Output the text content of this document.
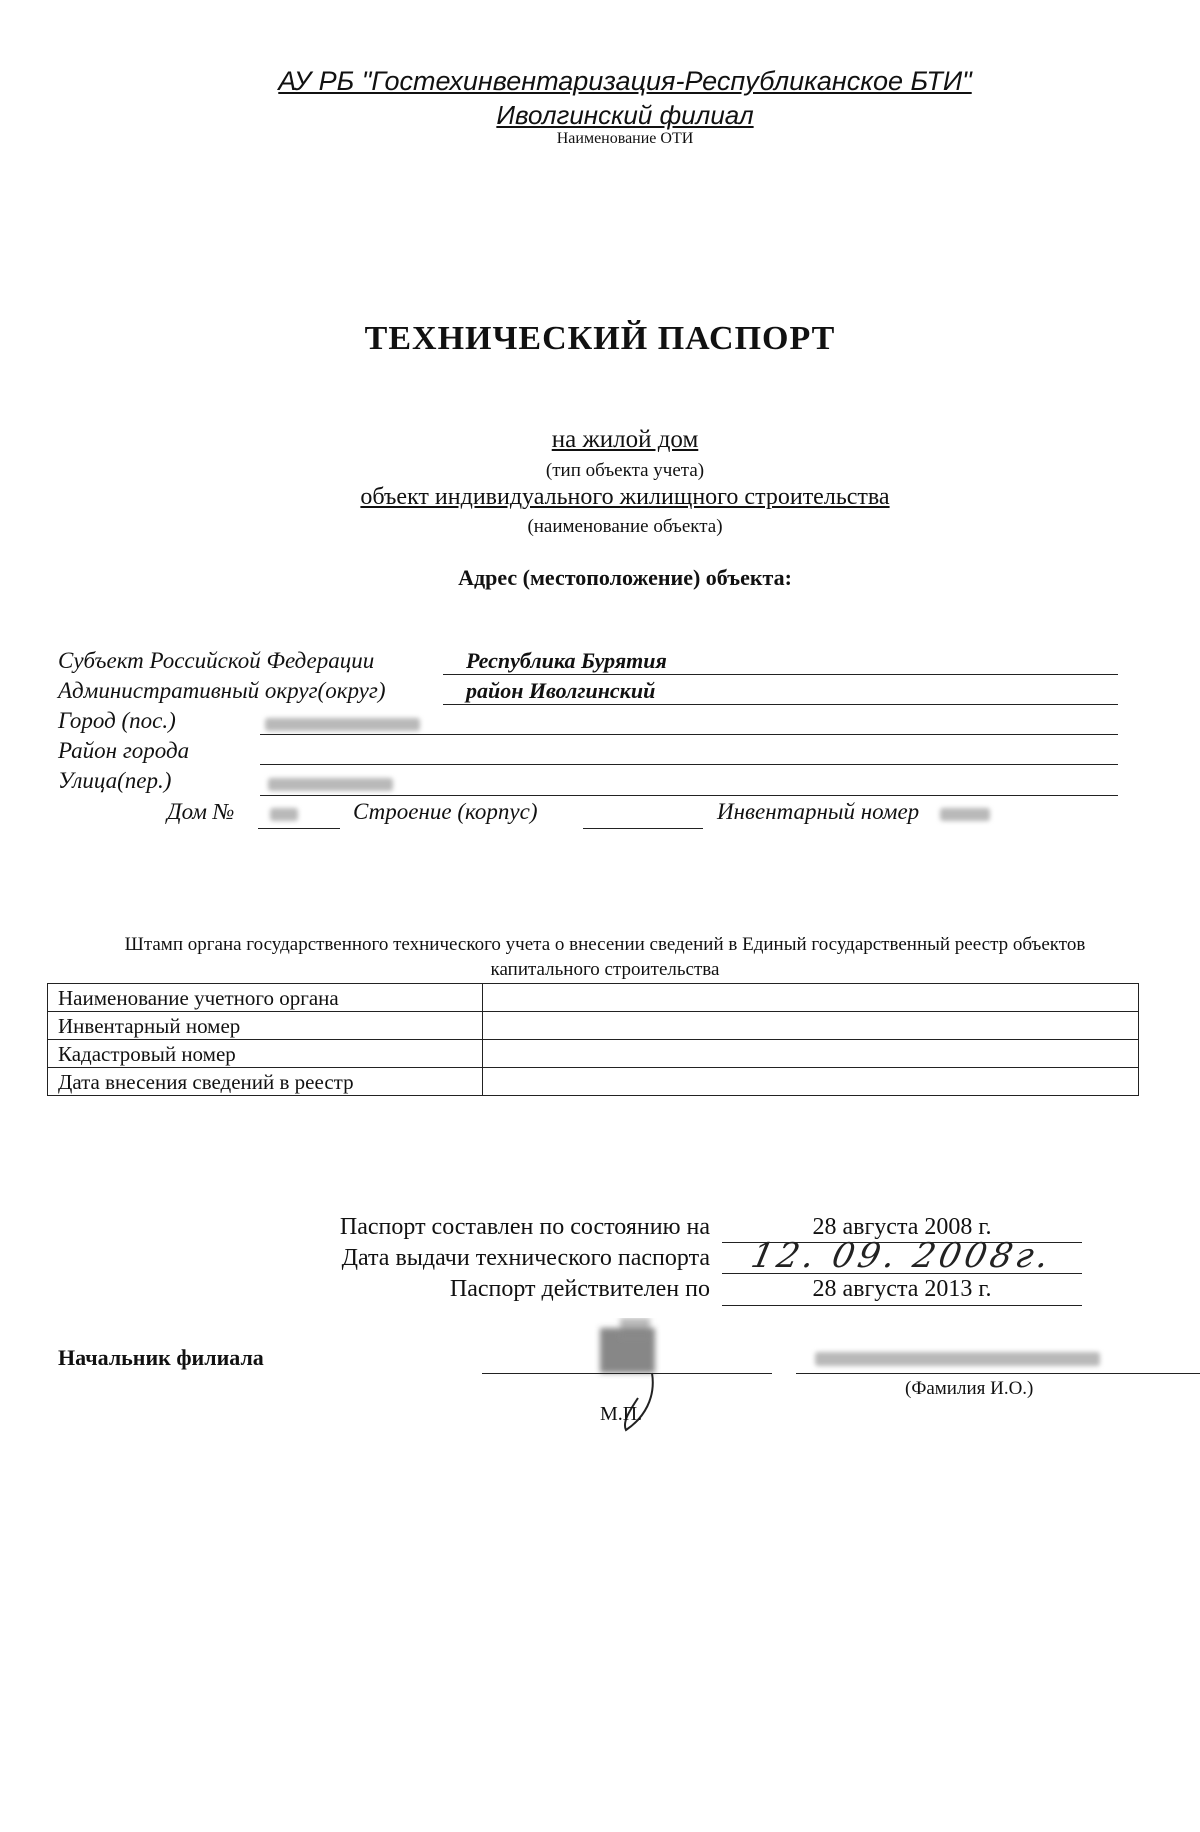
АУ РБ "Гостехинвентаризация-Республиканское БТИ"
Иволгинский филиал
Наименование ОТИ
ТЕХНИЧЕСКИЙ ПАСПОРТ
на жилой дом
(тип объекта учета)
объект индивидуального жилищного строительства
(наименование объекта)
Адрес (местоположение) объекта:
Субъект Российской Федерации	Республика Бурятия
Административный округ(округ)	район Иволгинский
Город (пос.)
Район города
Улица(пер.)
Дом №	Строение (корпус)	Инвентарный номер
Штамп органа государственного технического учета о внесении сведений в Единый государственный реестр объектов
капитального строительства
Наименование учетного органа	
Инвентарный номер	
Кадастровый номер	
Дата внесения сведений в реестр	
Паспорт составлен по состоянию на	28 августа 2008 г.
Дата выдачи технического паспорта	12. 09. 2008г.
Паспорт действителен по	28 августа 2013 г.
Начальник филиала
(Фамилия И.О.)
М.П.
